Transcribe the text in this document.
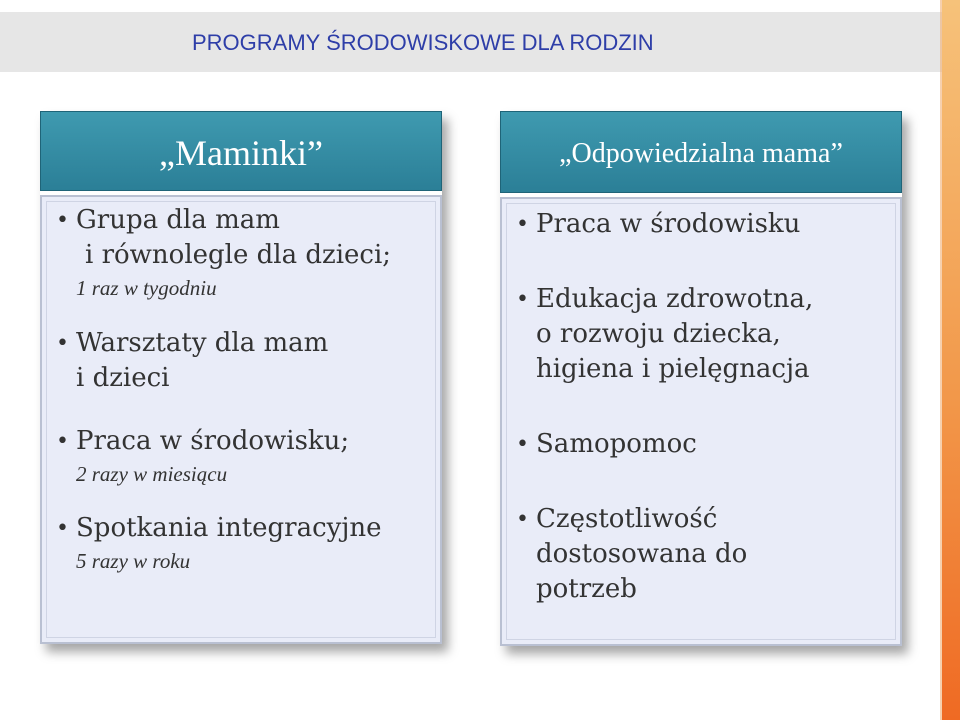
PROGRAMY ŚRODOWISKOWE DLA RODZIN
„Maminki”
• Grupa dla mam
i równolegle dla dzieci;
1 raz w tygodniu
• Warsztaty dla mam
i dzieci
• Praca w środowisku;
2 razy w miesiącu
• Spotkania integracyjne
5 razy w roku
„Odpowiedzialna mama”
• Praca w środowisku
• Edukacja zdrowotna,
o rozwoju dziecka,
higiena i pielęgnacja
• Samopomoc
• Częstotliwość
dostosowana do
potrzeb
